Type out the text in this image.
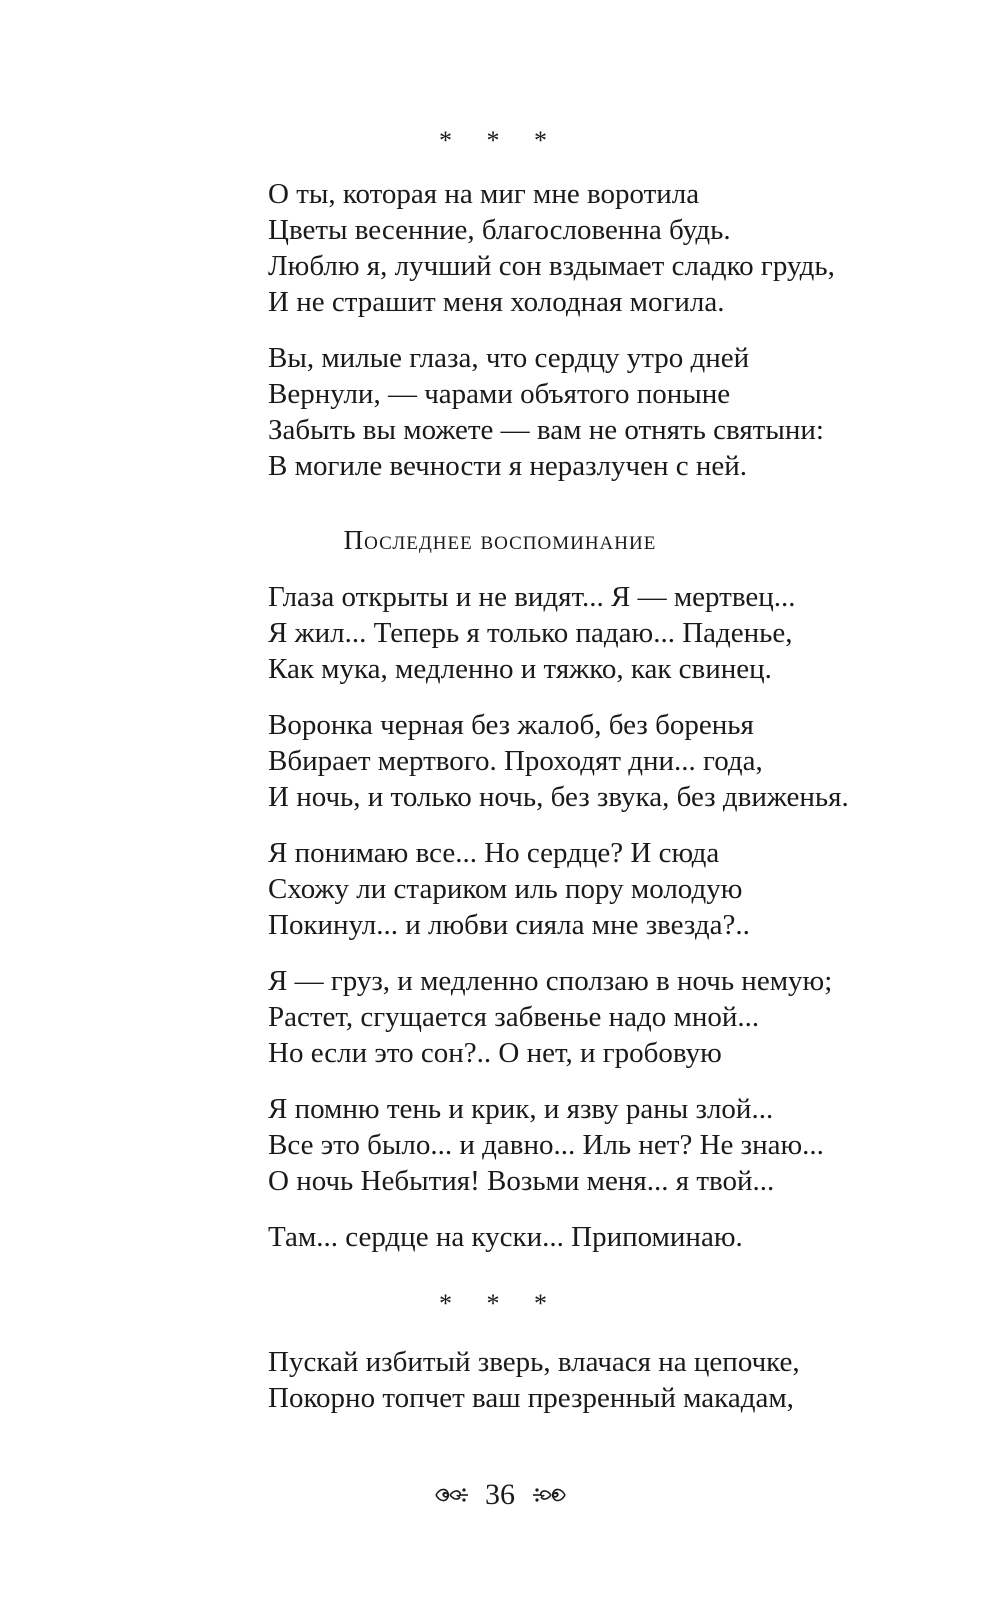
* * *
О ты, которая на миг мне воротила
Цветы весенние, благословенна будь.
Люблю я, лучший сон вздымает сладко грудь,
И не страшит меня холодная могила.
Вы, милые глаза, что сердцу утро дней
Вернули, — чарами объятого поныне
Забыть вы можете — вам не отнять святыни:
В могиле вечности я неразлучен с ней.
Последнее воспоминание
Глаза открыты и не видят... Я — мертвец...
Я жил... Теперь я только падаю... Паденье,
Как мука, медленно и тяжко, как свинец.
Воронка черная без жалоб, без боренья
Вбирает мертвого. Проходят дни... года,
И ночь, и только ночь, без звука, без движенья.
Я понимаю все... Но сердце? И сюда
Схожу ли стариком иль пору молодую
Покинул... и любви сияла мне звезда?..
Я — груз, и медленно сползаю в ночь немую;
Растет, сгущается забвенье надо мной...
Но если это сон?.. О нет, и гробовую
Я помню тень и крик, и язву раны злой...
Все это было... и давно... Иль нет? Не знаю...
О ночь Небытия! Возьми меня... я твой...
Там... сердце на куски... Припоминаю.
* * *
Пускай избитый зверь, влачася на цепочке,
Покорно топчет ваш презренный макадам,
36
